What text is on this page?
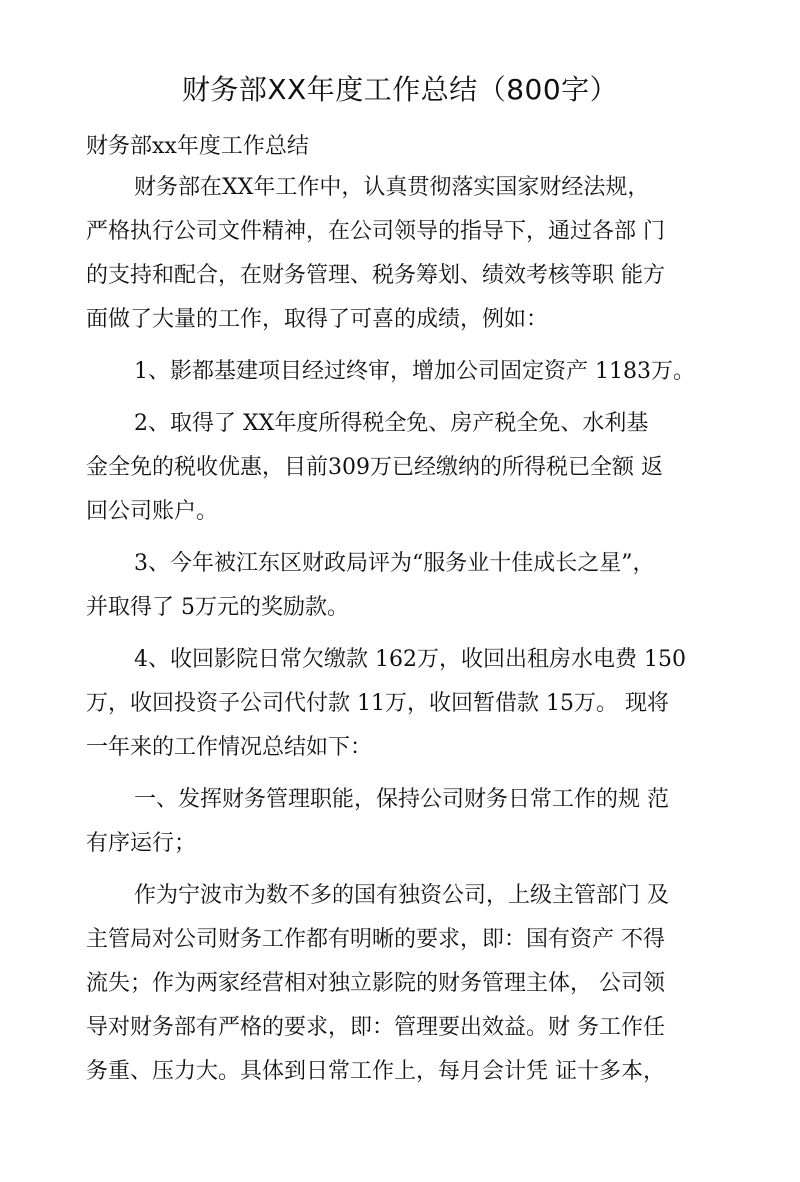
财务部XX年度工作总结（800字）
财务部xx年度工作总结
财务部在XX年工作中，认真贯彻落实国家财经法规，
严格执行公司文件精神，在公司领导的指导下，通过各部 门
的支持和配合，在财务管理、税务筹划、绩效考核等职 能方
面做了大量的工作，取得了可喜的成绩，例如：
1、影都基建项目经过终审，增加公司固定资产 1183万。
2、取得了 XX年度所得税全免、房产税全免、水利基
金全免的税收优惠，目前309万已经缴纳的所得税已全额 返
回公司账户。
3、今年被江东区财政局评为“服务业十佳成长之星”，
并取得了 5万元的奖励款。
4、收回影院日常欠缴款 162万，收回出租房水电费 150
万，收回投资子公司代付款 11万，收回暂借款 15万。 现将
一年来的工作情况总结如下：
一、发挥财务管理职能，保持公司财务日常工作的规 范
有序运行；
作为宁波市为数不多的国有独资公司，上级主管部门 及
主管局对公司财务工作都有明晰的要求，即：国有资产 不得
流失；作为两家经营相对独立影院的财务管理主体， 公司领
导对财务部有严格的要求，即：管理要出效益。财 务工作任
务重、压力大。具体到日常工作上，每月会计凭 证十多本，
